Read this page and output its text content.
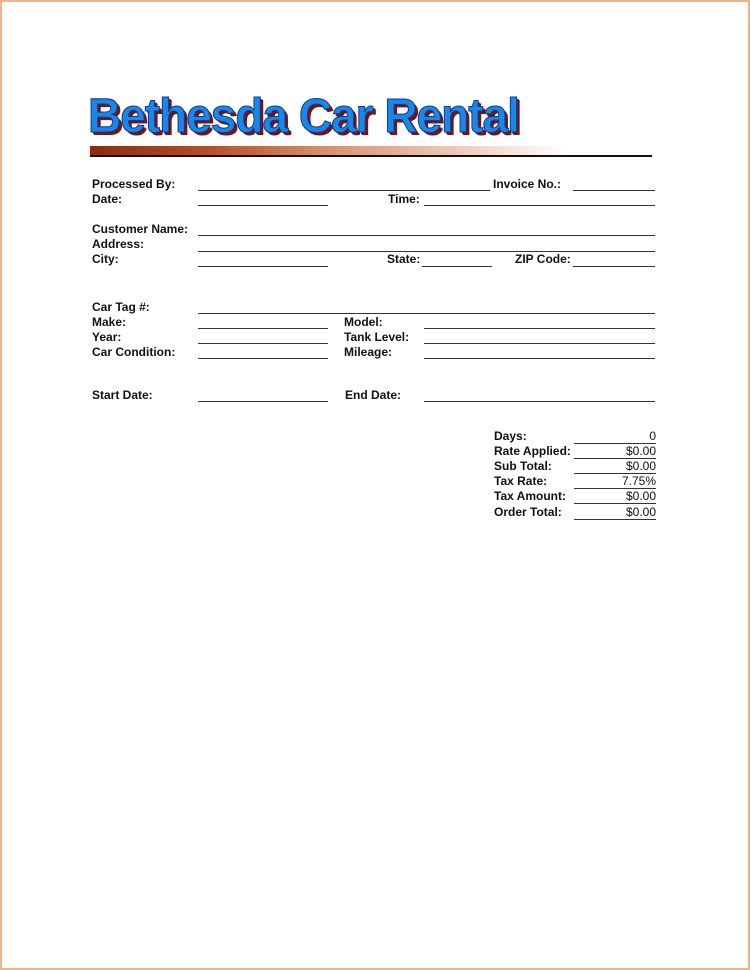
Bethesda Car Rental
Processed By:	Invoice No.:
Date:	Time:
Customer Name:
Address:
City:	State:	ZIP Code:
Car Tag #:
Make:	Model:
Year:	Tank Level:
Car Condition:	Mileage:
Start Date:	End Date:
Days:	0
Rate Applied:	$0.00
Sub Total:	$0.00
Tax Rate:	7.75%
Tax Amount:	$0.00
Order Total:	$0.00
